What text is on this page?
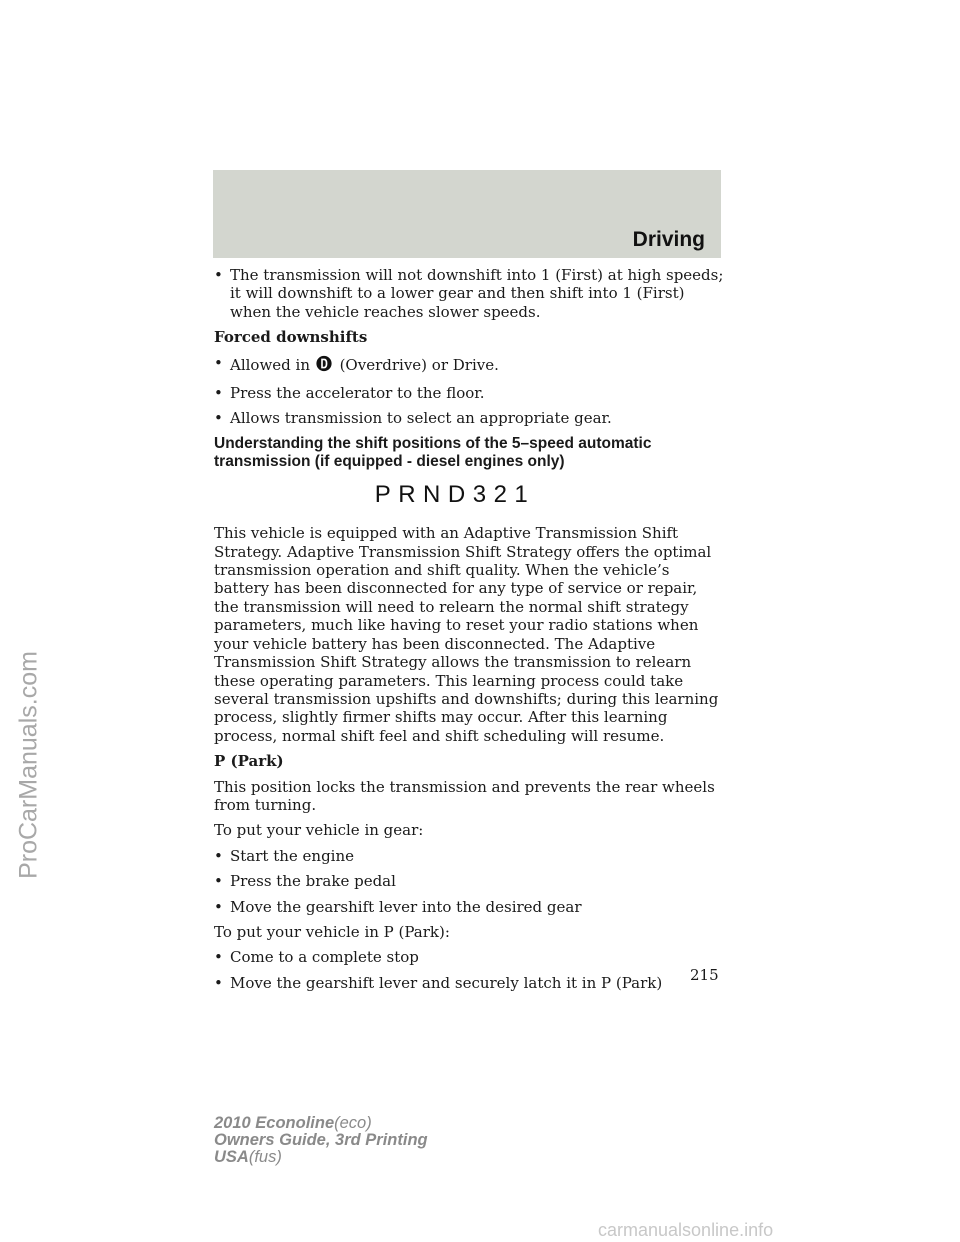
Driving
• The transmission will not downshift into 1 (First) at high speeds; it will downshift to a lower gear and then shift into 1 (First) when the vehicle reaches slower speeds.

Forced downshifts

• Allowed in (Overdrive) or Drive.
• Press the accelerator to the floor.
• Allows transmission to select an appropriate gear.

Understanding the shift positions of the 5–speed automatic transmission (if equipped - diesel engines only)

PRND321

This vehicle is equipped with an Adaptive Transmission Shift Strategy. Adaptive Transmission Shift Strategy offers the optimal transmission operation and shift quality. When the vehicle’s battery has been disconnected for any type of service or repair, the transmission will need to relearn the normal shift strategy parameters, much like having to reset your radio stations when your vehicle battery has been disconnected. The Adaptive Transmission Shift Strategy allows the transmission to relearn these operating parameters. This learning process could take several transmission upshifts and downshifts; during this learning process, slightly firmer shifts may occur. After this learning process, normal shift feel and shift scheduling will resume.

P (Park)

This position locks the transmission and prevents the rear wheels from turning.

To put your vehicle in gear:

• Start the engine
• Press the brake pedal
• Move the gearshift lever into the desired gear

To put your vehicle in P (Park):

• Come to a complete stop
• Move the gearshift lever and securely latch it in P (Park)	215
2010 Econoline(eco)
Owners Guide, 3rd Printing
USA(fus)
ProCarManuals.com
carmanualsonline.info
